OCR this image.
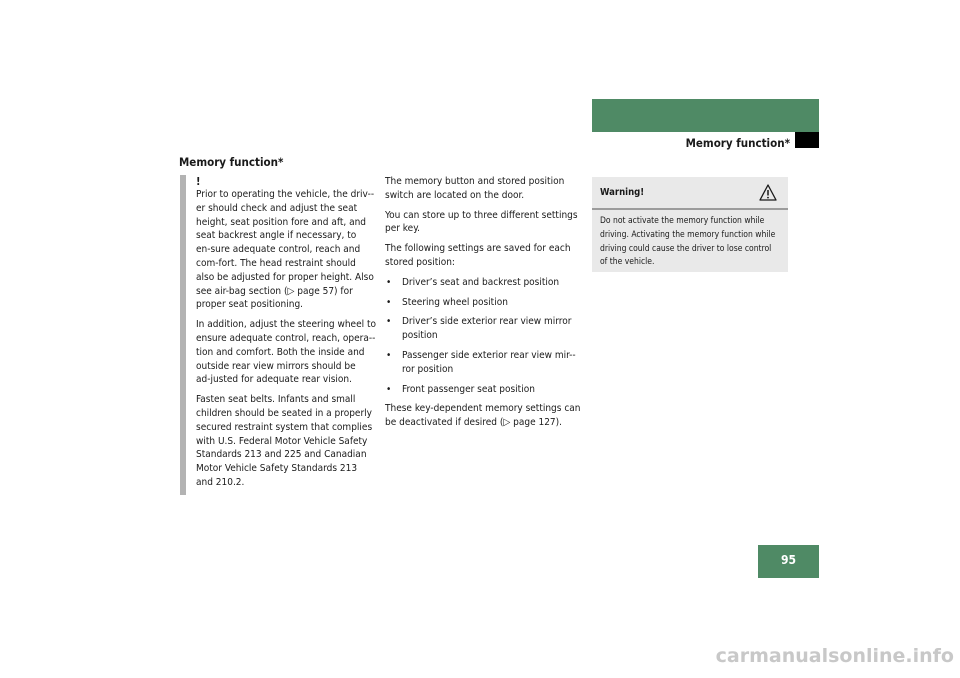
Controls in detail
Memory function*
Memory function*
!

Prior to operating the vehicle, the driv-er should check and adjust the seat height, seat position fore and aft, and seat backrest angle if necessary, to en-sure adequate control, reach and com-fort. The head restraint should also be adjusted for proper height. Also see air-bag section (▷ page 57) for proper seat positioning.

In addition, adjust the steering wheel to ensure adequate control, reach, opera-tion and comfort. Both the inside and outside rear view mirrors should be ad-justed for adequate rear vision.

Fasten seat belts. Infants and small children should be seated in a properly secured restraint system that complies with U.S. Federal Motor Vehicle Safety Standards 213 and 225 and Canadian Motor Vehicle Safety Standards 213 and 210.2.

The memory button and stored position switch are located on the door.

You can store up to three different settings per key.

The following settings are saved for each stored position:

• Driver’s seat and backrest position
• Steering wheel position
• Driver’s side exterior rear view mirror position
• Passenger side exterior rear view mir-ror position
• Front passenger seat position

These key-dependent memory settings can be deactivated if desired (▷ page 127).

Warning!
Do not activate the memory function while driving. Activating the memory function while driving could cause the driver to lose control of the vehicle.
95
carmanualsonline.info
